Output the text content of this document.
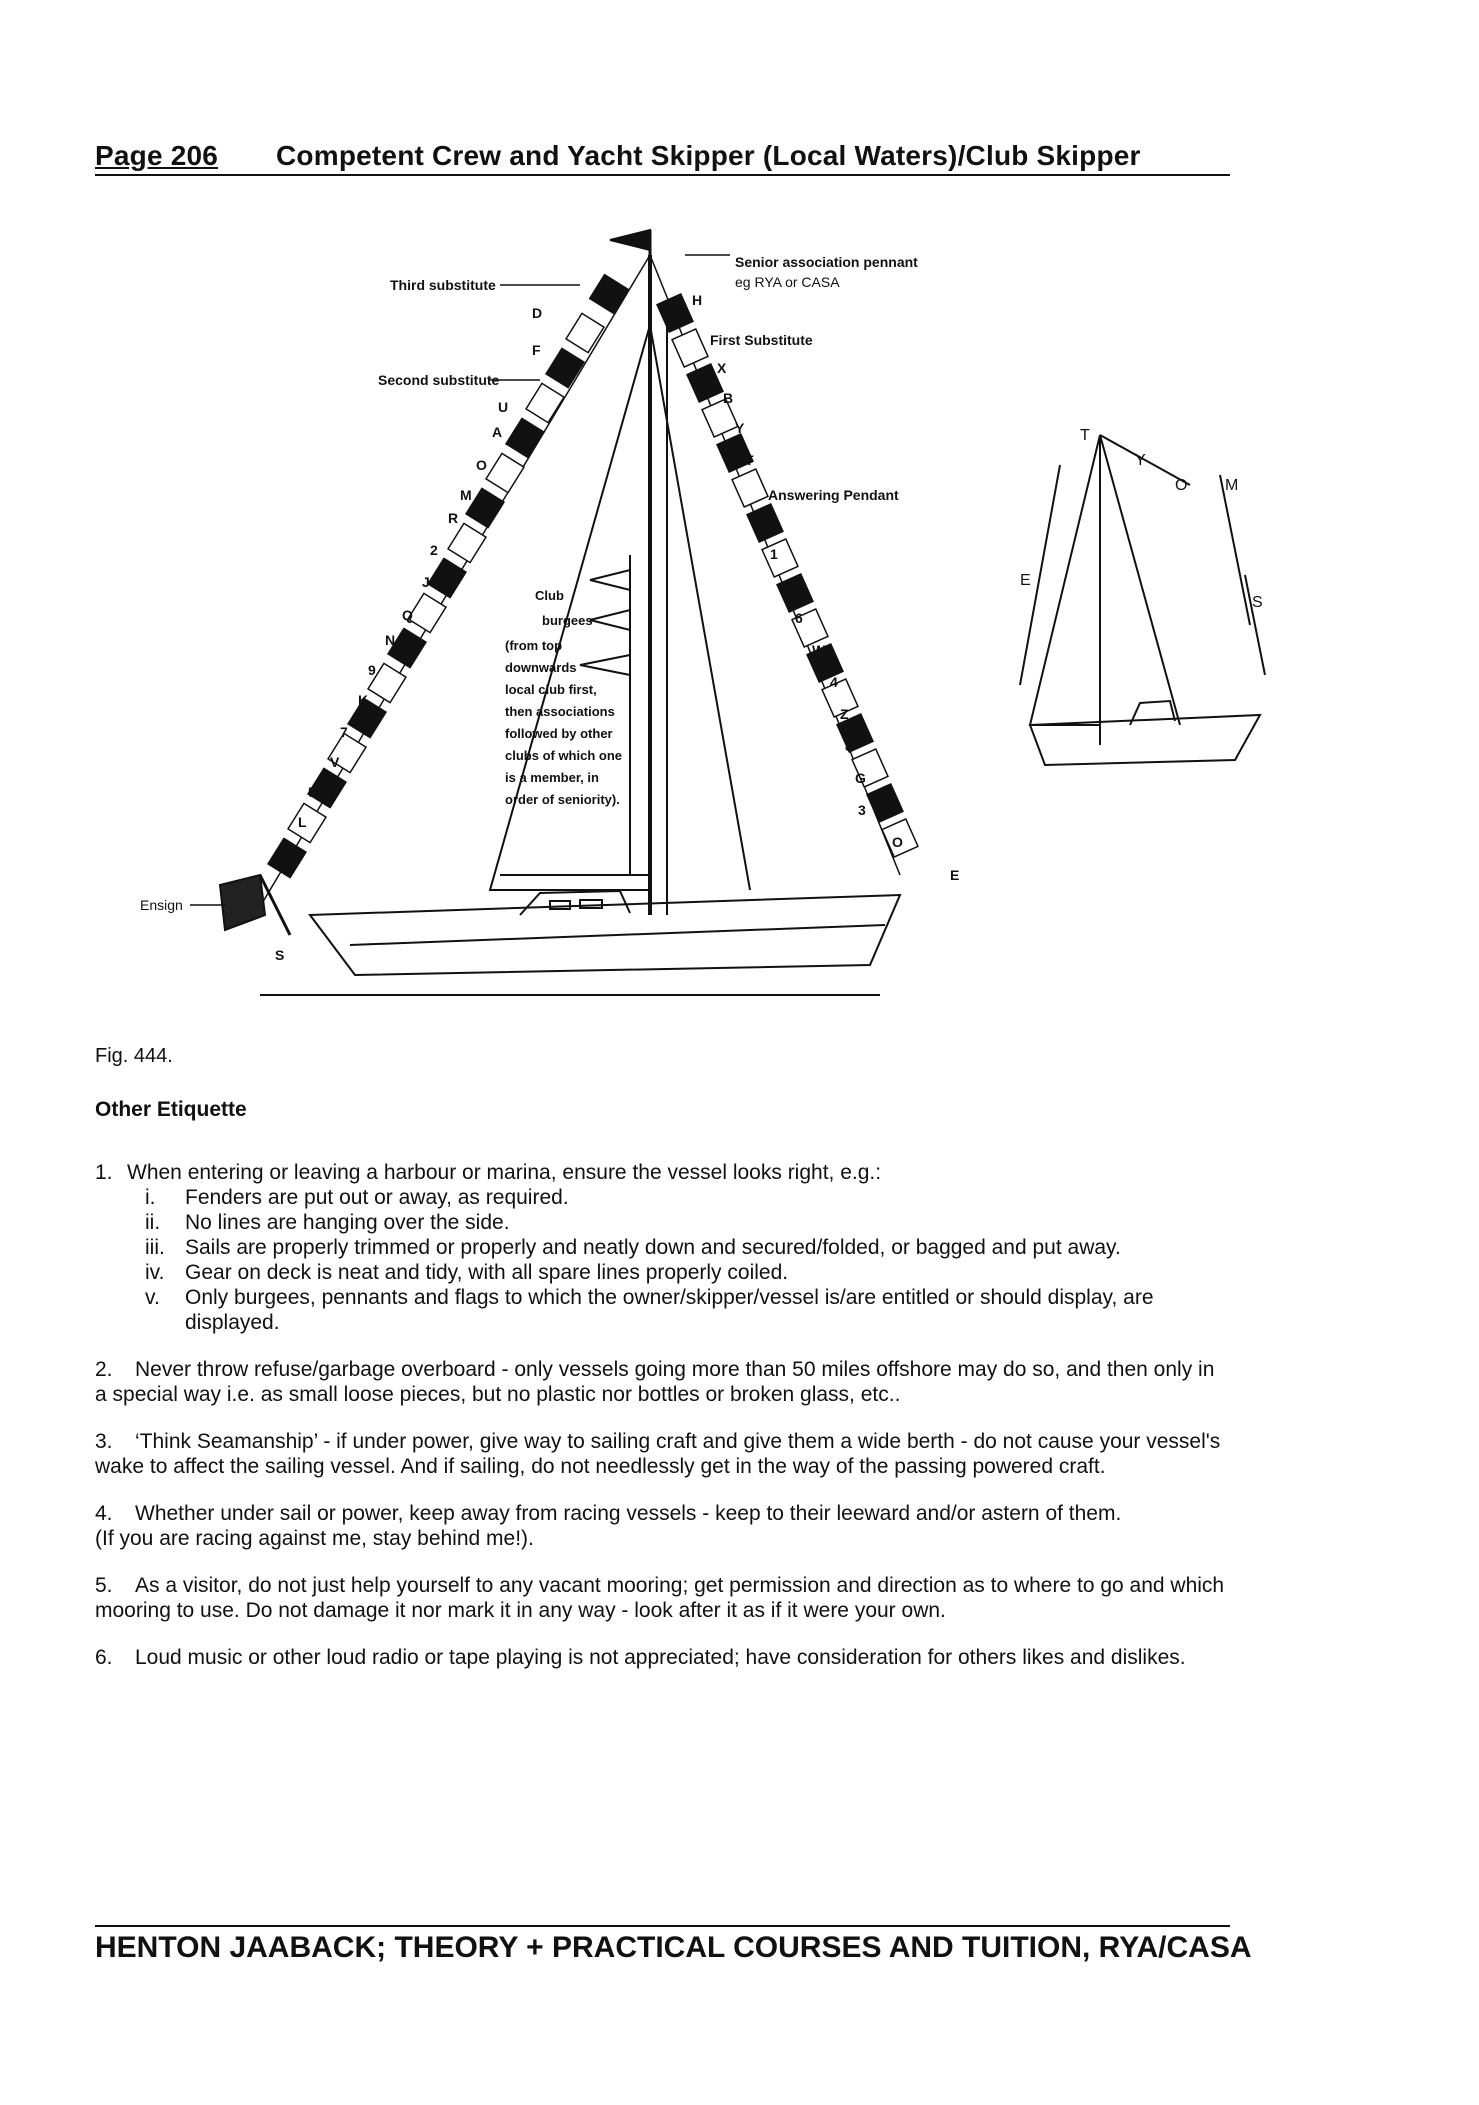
Page 206 Competent Crew and Yacht Skipper (Local Waters)/Club Skipper
Third substitute
Second substitute
Ensign
Senior association pennant
eg RYA or CASA
First Substitute
Answering Pendant
D
F
U
A
O
M
R
2
J
Q
N
9
K
7
V
5
L
C
S
H
X
B
Y
T
I
1
P
6
W
4
Z
8
G
3
O
E
Club
burgees
(from top
downwards
local club first,
then associations
followed by other
clubs of which one
is a member, in
order of seniority).
T
Y
O M
E
S
Fig. 444.
Other Etiquette
1. When entering or leaving a harbour or marina, ensure the vessel looks right, e.g.:
i. Fenders are put out or away, as required.
ii. No lines are hanging over the side.
iii. Sails are properly trimmed or properly and neatly down and secured/folded, or bagged and put away.
iv. Gear on deck is neat and tidy, with all spare lines properly coiled.
v. Only burgees, pennants and flags to which the owner/skipper/vessel is/are entitled or should display, are displayed.
2. Never throw refuse/garbage overboard - only vessels going more than 50 miles offshore may do so, and then only in a special way i.e. as small loose pieces, but no plastic nor bottles or broken glass, etc..
3. ‘Think Seamanship’ - if under power, give way to sailing craft and give them a wide berth - do not cause your vessel's wake to affect the sailing vessel. And if sailing, do not needlessly get in the way of the passing powered craft.
4. Whether under sail or power, keep away from racing vessels - keep to their leeward and/or astern of them.
(If you are racing against me, stay behind me!).
5. As a visitor, do not just help yourself to any vacant mooring; get permission and direction as to where to go and which mooring to use. Do not damage it nor mark it in any way - look after it as if it were your own.
6. Loud music or other loud radio or tape playing is not appreciated; have consideration for others likes and dislikes.
HENTON JAABACK; THEORY + PRACTICAL COURSES AND TUITION, RYA/CASA
